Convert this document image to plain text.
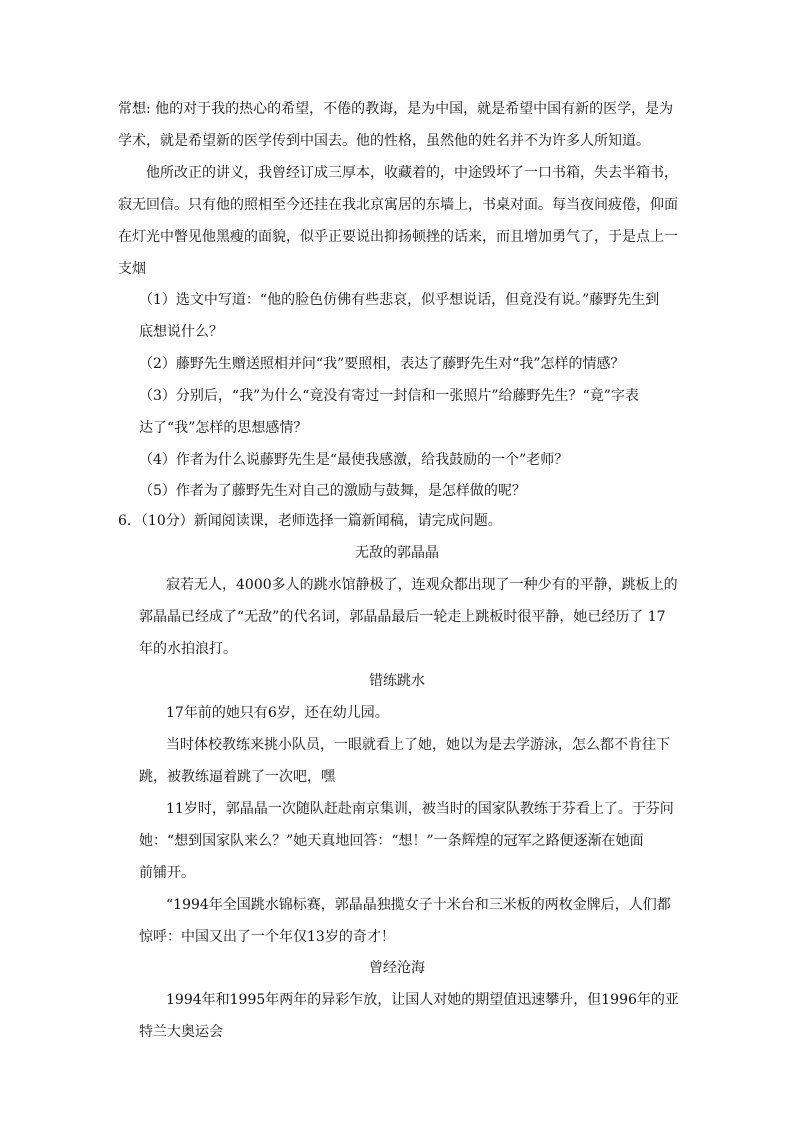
常想: 他的对于我的热心的希望，不倦的教诲，是为中国，就是希望中国有新的医学，是为
学术，就是希望新的医学传到中国去。他的性格，虽然他的姓名并不为许多人所知道。
他所改正的讲义，我曾经订成三厚本，收藏着的，中途毁坏了一口书箱，失去半箱书，
寂无回信。只有他的照相至今还挂在我北京寓居的东墙上，书桌对面。每当夜间疲倦，仰面
在灯光中瞥见他黑瘦的面貌，似乎正要说出抑扬顿挫的话来，而且增加勇气了，于是点上一
支烟
（1）选文中写道：“他的脸色仿佛有些悲哀，似乎想说话，但竟没有说。”藤野先生到
底想说什么？
（2）藤野先生赠送照相并问“我”要照相，表达了藤野先生对“我”怎样的情感？
（3）分别后，“我”为什么“竟没有寄过一封信和一张照片”给藤野先生？“竟”字表
达了“我”怎样的思想感情？
（4）作者为什么说藤野先生是“最使我感激，给我鼓励的一个”老师？
（5）作者为了藤野先生对自己的激励与鼓舞，是怎样做的呢？
6．（10分）新闻阅读课，老师选择一篇新闻稿，请完成问题。
无敌的郭晶晶
寂若无人，4000多人的跳水馆静极了，连观众都出现了一种少有的平静，跳板上的
郭晶晶已经成了“无敌”的代名词，郭晶晶最后一轮走上跳板时很平静，她已经历了 17
年的水拍浪打。
错练跳水
17年前的她只有6岁，还在幼儿园。
当时体校教练来挑小队员，一眼就看上了她，她以为是去学游泳，怎么都不肯往下
跳，被教练逼着跳了一次吧，嘿
11岁时，郭晶晶一次随队赶赴南京集训，被当时的国家队教练于芬看上了。于芬问
她：“想到国家队来么？”她天真地回答：“想！”一条辉煌的冠军之路便逐渐在她面
前铺开。
“1994年全国跳水锦标赛，郭晶晶独揽女子十米台和三米板的两枚金牌后，人们都
惊呼：中国又出了一个年仅13岁的奇才！
曾经沧海
1994年和1995年两年的异彩乍放，让国人对她的期望值迅速攀升，但1996年的亚
特兰大奥运会
